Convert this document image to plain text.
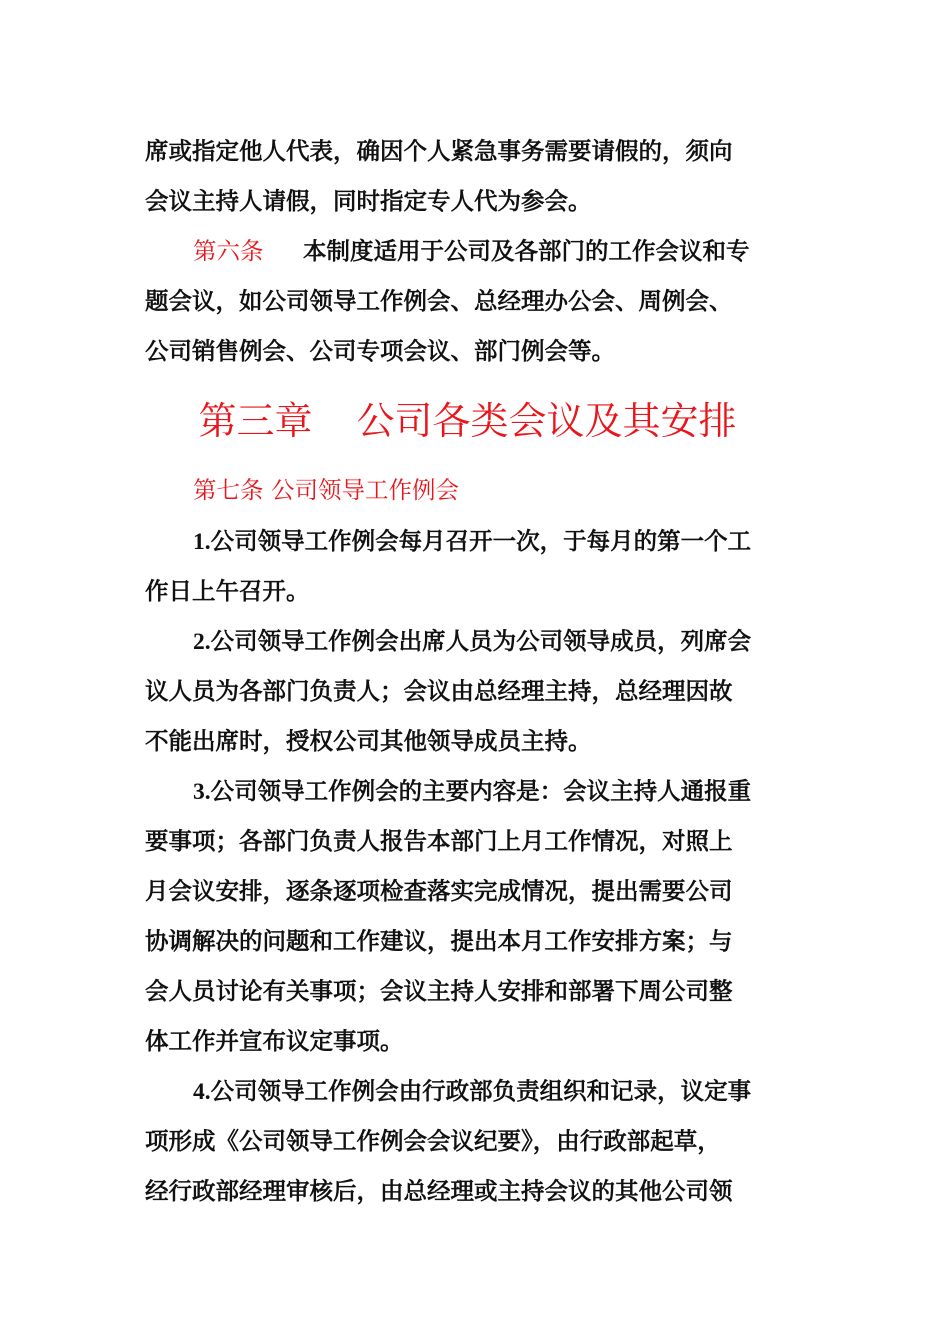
席或指定他人代表，确因个人紧急事务需要请假的，须向
会议主持人请假，同时指定专人代为参会。
第六条 本制度适用于公司及各部门的工作会议和专
题会议，如公司领导工作例会、总经理办公会、周例会、
公司销售例会、公司专项会议、部门例会等。
第三章 公司各类会议及其安排
第七条 公司领导工作例会
1.公司领导工作例会每月召开一次，于每月的第一个工
作日上午召开。
2.公司领导工作例会出席人员为公司领导成员，列席会
议人员为各部门负责人；会议由总经理主持，总经理因故
不能出席时，授权公司其他领导成员主持。
3.公司领导工作例会的主要内容是：会议主持人通报重
要事项；各部门负责人报告本部门上月工作情况，对照上
月会议安排，逐条逐项检查落实完成情况，提出需要公司
协调解决的问题和工作建议，提出本月工作安排方案；与
会人员讨论有关事项；会议主持人安排和部署下周公司整
体工作并宣布议定事项。
4.公司领导工作例会由行政部负责组织和记录，议定事
项形成《公司领导工作例会会议纪要》，由行政部起草，
经行政部经理审核后，由总经理或主持会议的其他公司领
